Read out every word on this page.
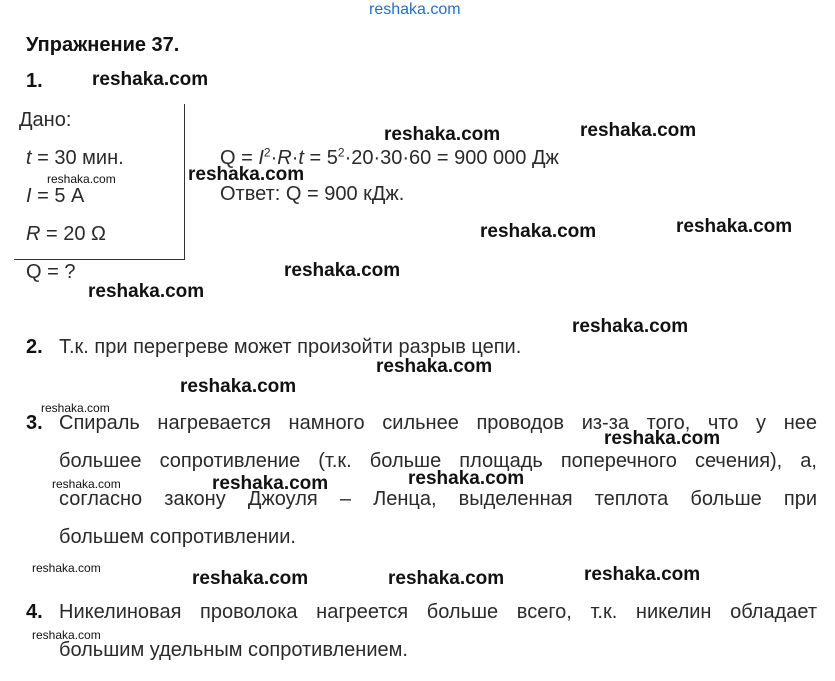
reshaka.com
Упражнение 37.
1.
Дано:
t = 30 мин.
I = 5 А
R = 20 Ω
Q = ?
$Q = I^2\cdot R\cdot t = 5^2\cdot 20\cdot 30\cdot 60 = 900$ 000 Дж
Ответ: Q = 900 кДж.
2. Т.к. при перегреве может произойти разрыв цепи.
3. Спираль нагревается намного сильнее проводов из-за того, что у нее
большее сопротивление (т.к. больше площадь поперечного сечения), а,
согласно закону Джоуля – Ленца, выделенная теплота больше при
большем сопротивлении.
4. Никелиновая проволока нагреется больше всего, т.к. никелин обладает
большим удельным сопротивлением.
reshaka.com
reshaka.com	reshaka.com
reshaka.com	reshaka.com
reshaka.com	reshaka.com
reshaka.com
reshaka.com
reshaka.com
reshaka.com
reshaka.com
reshaka.com
reshaka.com
reshaka.com
reshaka.com	reshaka.com
reshaka.com	reshaka.com	reshaka.com	reshaka.com
reshaka.com
